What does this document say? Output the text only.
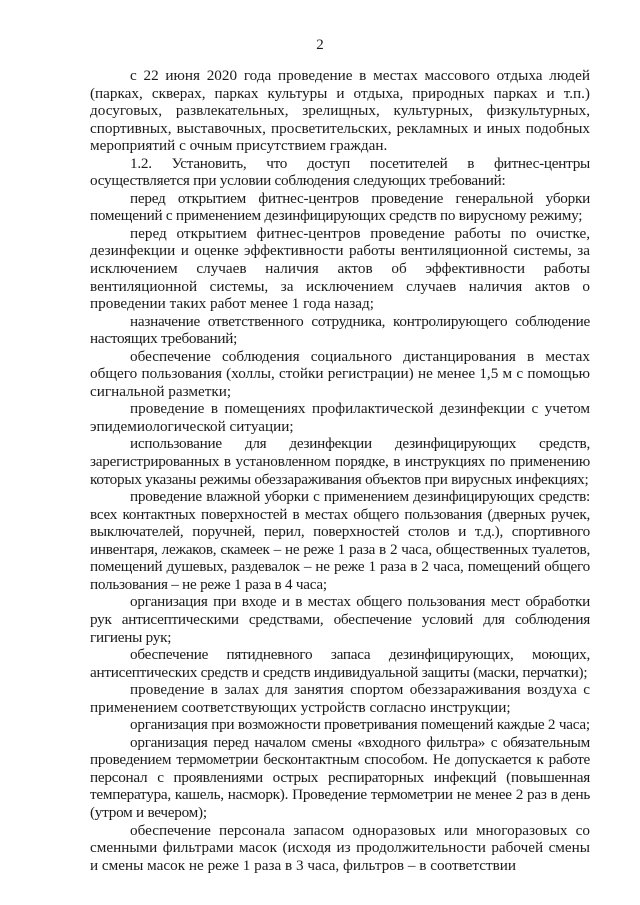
2

с 22 июня 2020 года проведение в местах массового отдыха людей (парках, скверах, парках культуры и отдыха, природных парках и т.п.) досуговых, развлекательных, зрелищных, культурных, физкультурных, спортивных, выставочных, просветительских, рекламных и иных подобных мероприятий с очным присутствием граждан.

1.2. Установить, что доступ посетителей в фитнес-центры осуществляется при условии соблюдения следующих требований:

перед открытием фитнес-центров проведение генеральной уборки помещений с применением дезинфицирующих средств по вирусному режиму;

перед открытием фитнес-центров проведение работы по очистке, дезинфекции и оценке эффективности работы вентиляционной системы, за исключением случаев наличия актов об эффективности работы вентиляционной системы, за исключением случаев наличия актов о проведении таких работ менее 1 года назад;

назначение ответственного сотрудника, контролирующего соблюдение настоящих требований;

обеспечение соблюдения социального дистанцирования в местах общего пользования (холлы, стойки регистрации) не менее 1,5 м с помощью сигнальной разметки;

проведение в помещениях профилактической дезинфекции с учетом эпидемиологической ситуации;

использование для дезинфекции дезинфицирующих средств, зарегистрированных в установленном порядке, в инструкциях по применению которых указаны режимы обеззараживания объектов при вирусных инфекциях;

проведение влажной уборки с применением дезинфицирующих средств: всех контактных поверхностей в местах общего пользования (дверных ручек, выключателей, поручней, перил, поверхностей столов и т.д.), спортивного инвентаря, лежаков, скамеек – не реже 1 раза в 2 часа, общественных туалетов, помещений душевых, раздевалок – не реже 1 раза в 2 часа, помещений общего пользования – не реже 1 раза в 4 часа;

организация при входе и в местах общего пользования мест обработки рук антисептическими средствами, обеспечение условий для соблюдения гигиены рук;

обеспечение пятидневного запаса дезинфицирующих, моющих, антисептических средств и средств индивидуальной защиты (маски, перчатки);

проведение в залах для занятия спортом обеззараживания воздуха с применением соответствующих устройств согласно инструкции;

организация при возможности проветривания помещений каждые 2 часа;

организация перед началом смены «входного фильтра» с обязательным проведением термометрии бесконтактным способом. Не допускается к работе персонал с проявлениями острых респираторных инфекций (повышенная температура, кашель, насморк). Проведение термометрии не менее 2 раз в день (утром и вечером);

обеспечение персонала запасом одноразовых или многоразовых со сменными фильтрами масок (исходя из продолжительности рабочей смены и смены масок не реже 1 раза в 3 часа, фильтров – в соответствии
